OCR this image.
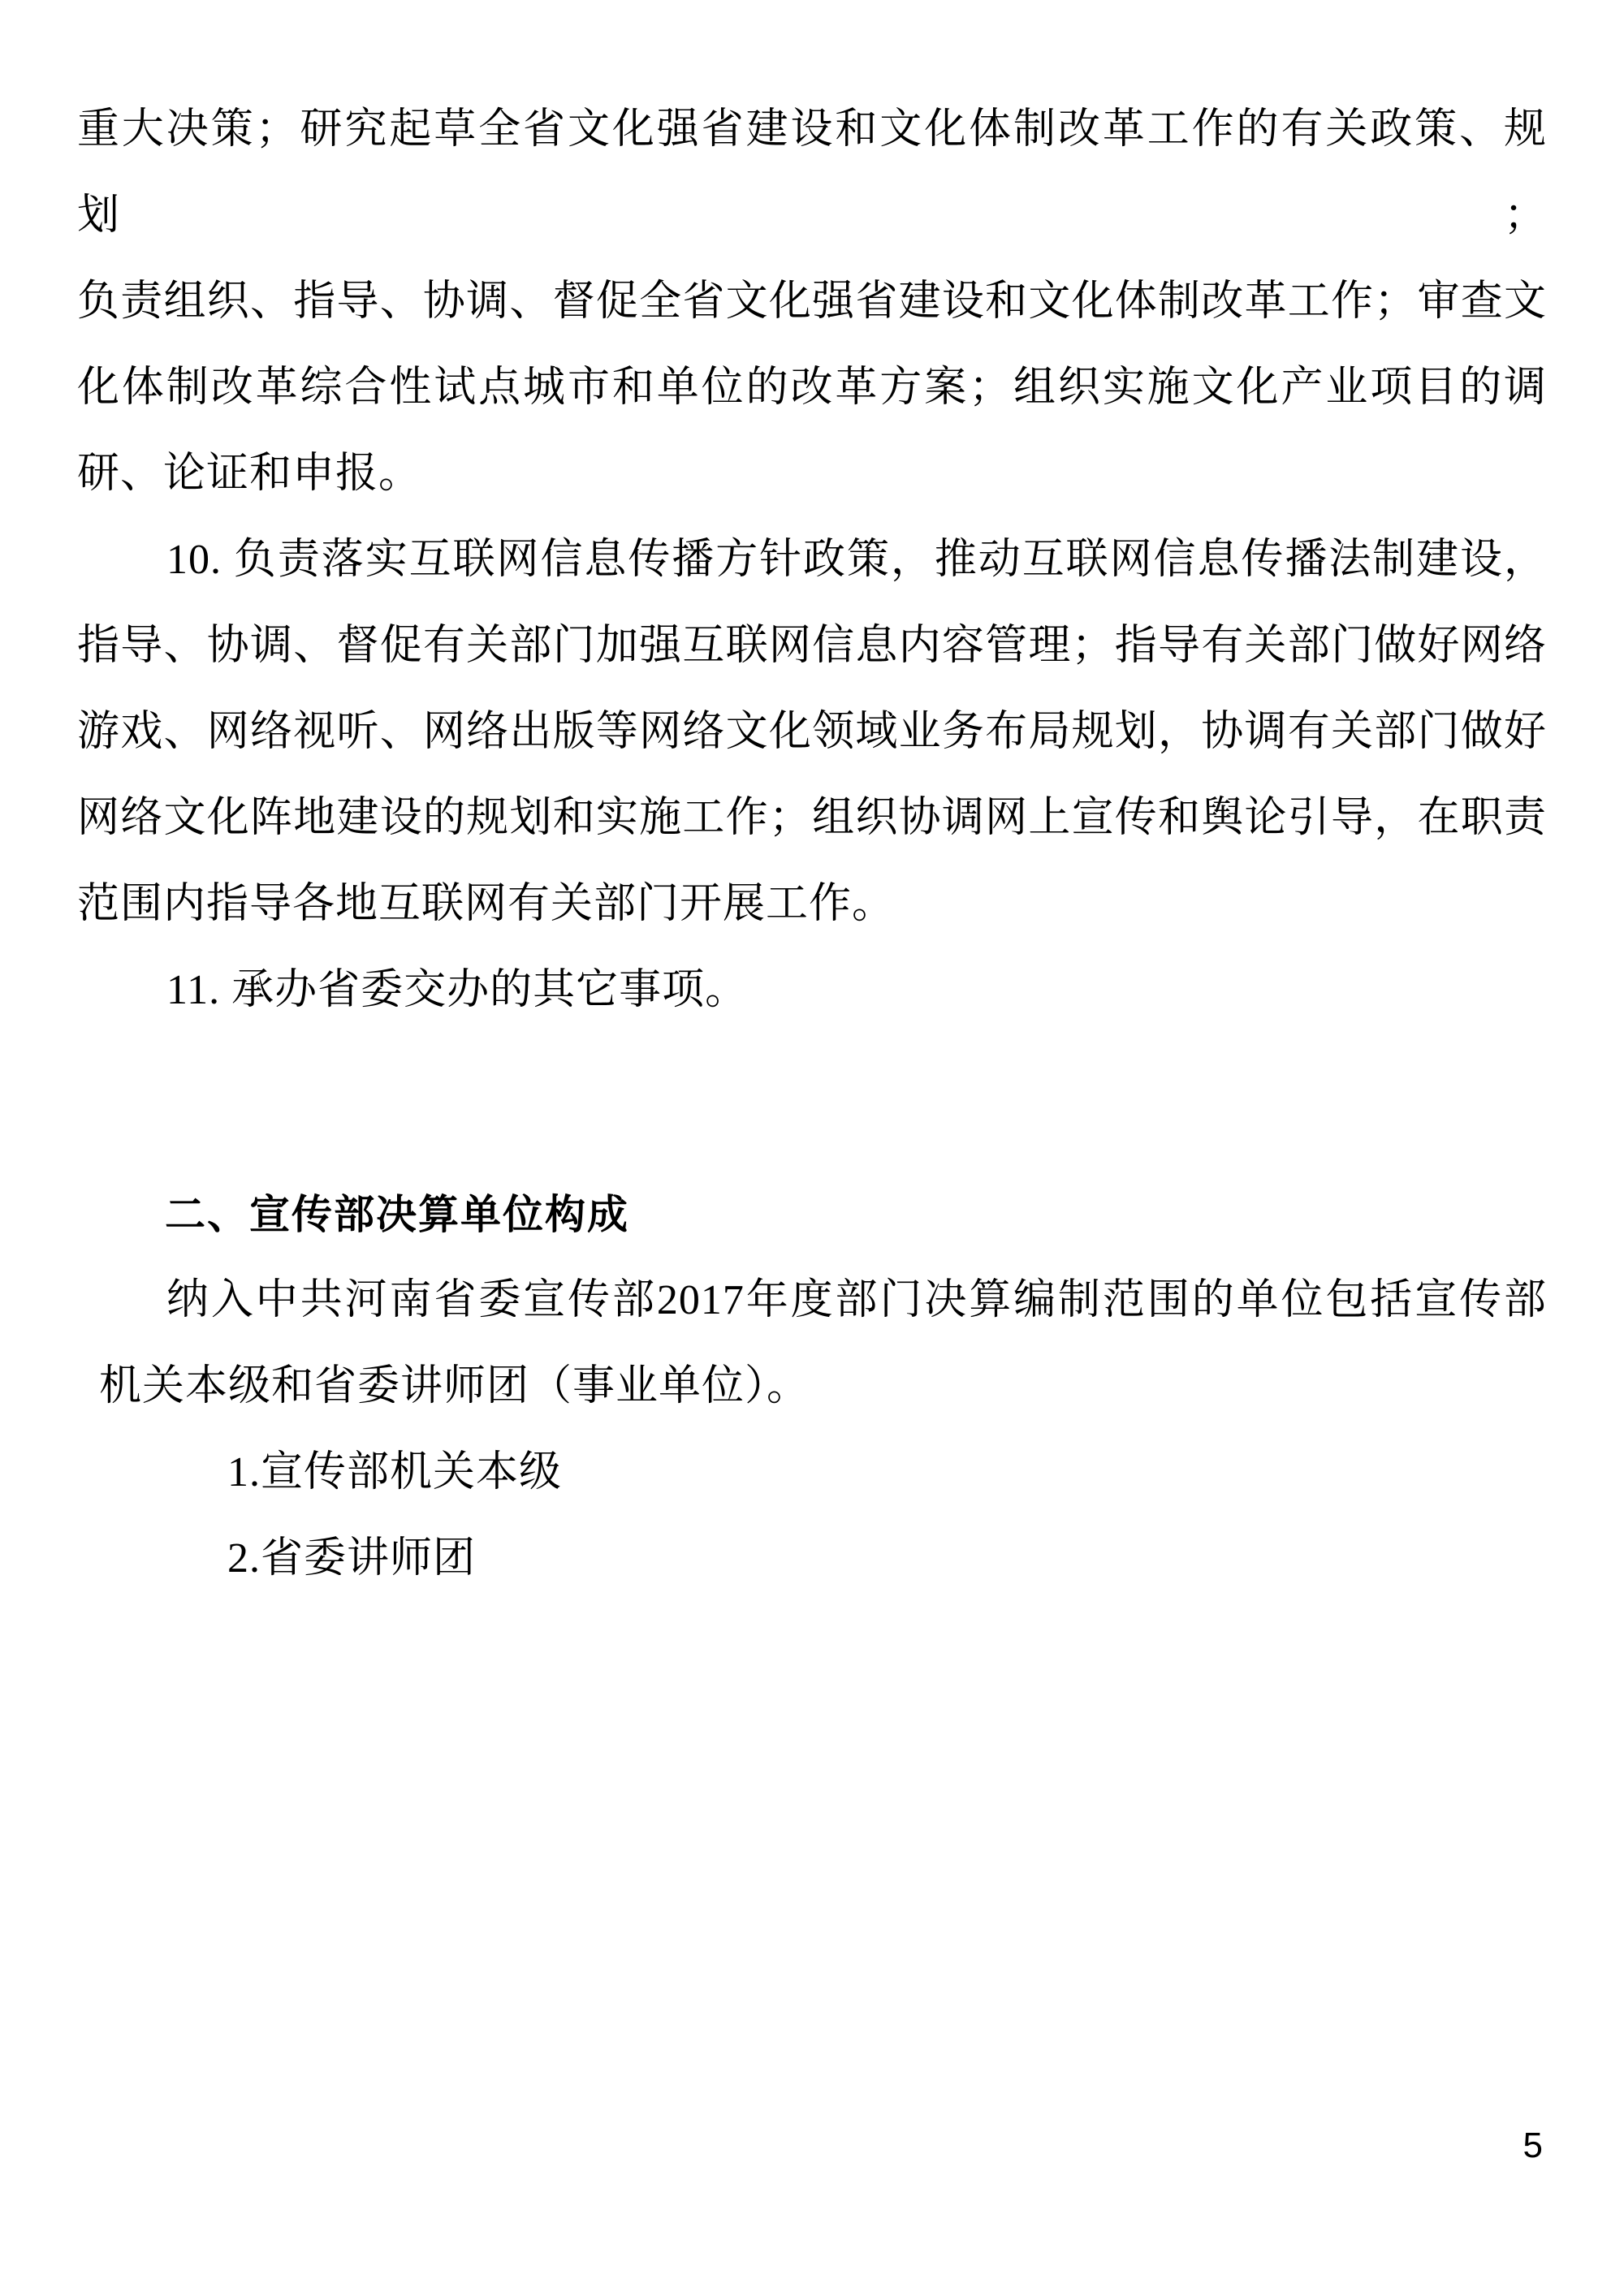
重大决策；研究起草全省文化强省建设和文化体制改革工作的有关政策、规划；
负责组织、指导、协调、督促全省文化强省建设和文化体制改革工作；审查文
化体制改革综合性试点城市和单位的改革方案；组织实施文化产业项目的调
研、论证和申报。
10. 负责落实互联网信息传播方针政策，推动互联网信息传播法制建设，
指导、协调、督促有关部门加强互联网信息内容管理；指导有关部门做好网络
游戏、网络视听、网络出版等网络文化领域业务布局规划，协调有关部门做好
网络文化阵地建设的规划和实施工作；组织协调网上宣传和舆论引导，在职责
范围内指导各地互联网有关部门开展工作。
11. 承办省委交办的其它事项。
二、宣传部决算单位构成
纳入中共河南省委宣传部2017年度部门决算编制范围的单位包括宣传部
机关本级和省委讲师团（事业单位）。
1.宣传部机关本级
2.省委讲师团
5
